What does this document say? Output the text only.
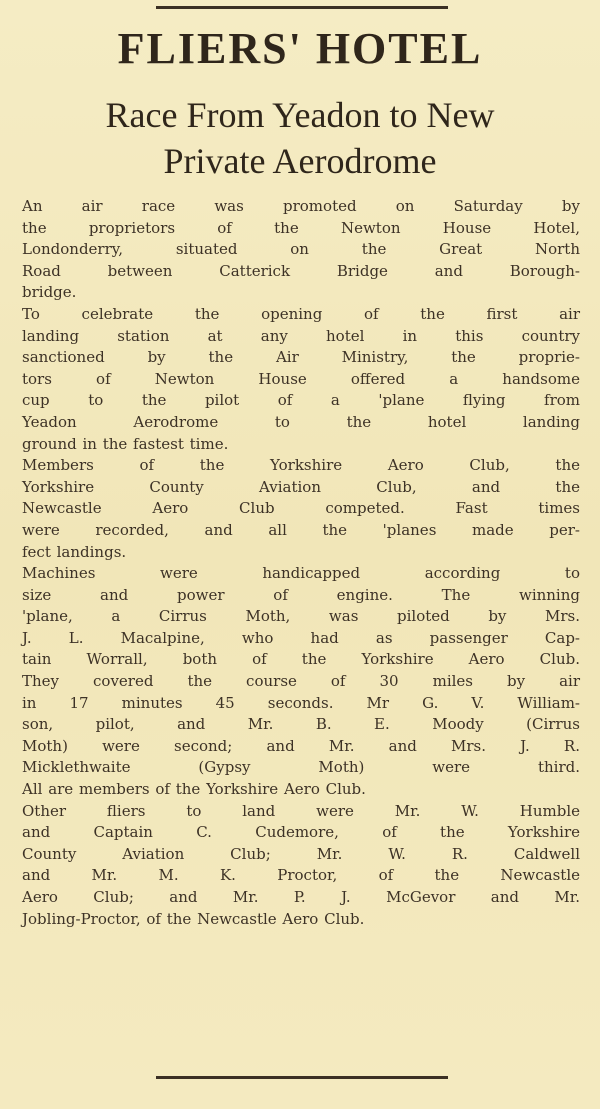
FLIERS' HOTEL
Race From Yeadon to New
Private Aerodrome

An air race was promoted on Saturday by
the proprietors of the Newton House Hotel,
Londonderry, situated on the Great North
Road between Catterick Bridge and Borough-
bridge.

To celebrate the opening of the first air
landing station at any hotel in this country
sanctioned by the Air Ministry, the proprie-
tors of Newton House offered a handsome
cup to the pilot of a 'plane flying from
Yeadon Aerodrome to the hotel landing
ground in the fastest time.

Members of the Yorkshire Aero Club, the
Yorkshire County Aviation Club, and the
Newcastle Aero Club competed. Fast times
were recorded, and all the 'planes made per-
fect landings.

Machines were handicapped according to
size and power of engine. The winning
'plane, a Cirrus Moth, was piloted by Mrs.
J. L. Macalpine, who had as passenger Cap-
tain Worrall, both of the Yorkshire Aero Club.
They covered the course of 30 miles by air
in 17 minutes 45 seconds. Mr G. V. William-
son, pilot, and Mr. B. E. Moody (Cirrus
Moth) were second; and Mr. and Mrs. J. R.
Micklethwaite (Gypsy Moth) were third.
All are members of the Yorkshire Aero Club.

Other fliers to land were Mr. W. Humble
and Captain C. Cudemore, of the Yorkshire
County Aviation Club; Mr. W. R. Caldwell
and Mr. M. K. Proctor, of the Newcastle
Aero Club; and Mr. P. J. McGevor and Mr.
Jobling-Proctor, of the Newcastle Aero Club.
